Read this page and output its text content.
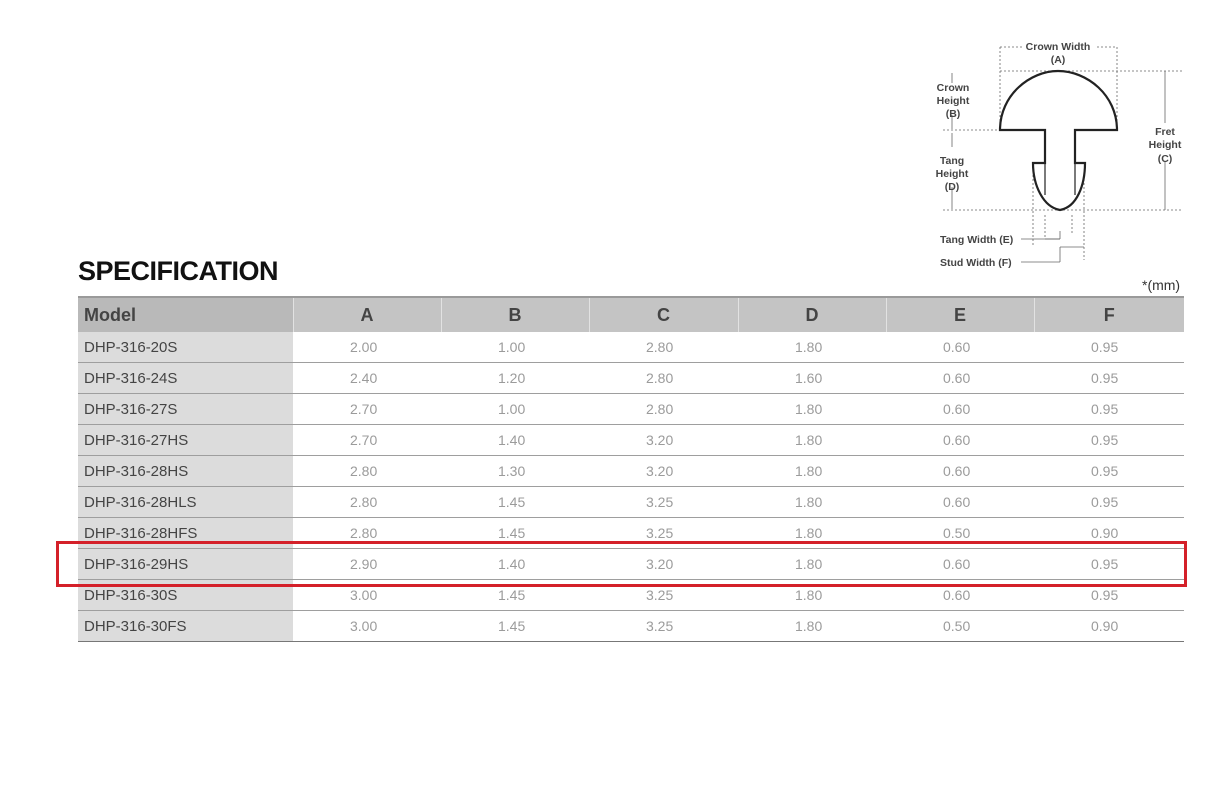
Crown Width
(A)
Crown
Height
(B)
Tang
Height
(D)
Fret
Height
(C)
Tang Width (E)
Stud Width (F)
SPECIFICATION	*(mm)
Model	A	B	C	D	E	F
DHP-316-20S	2.00	1.00	2.80	1.80	0.60	0.95
DHP-316-24S	2.40	1.20	2.80	1.60	0.60	0.95
DHP-316-27S	2.70	1.00	2.80	1.80	0.60	0.95
DHP-316-27HS	2.70	1.40	3.20	1.80	0.60	0.95
DHP-316-28HS	2.80	1.30	3.20	1.80	0.60	0.95
DHP-316-28HLS	2.80	1.45	3.25	1.80	0.60	0.95
DHP-316-28HFS	2.80	1.45	3.25	1.80	0.50	0.90
DHP-316-29HS	2.90	1.40	3.20	1.80	0.60	0.95
DHP-316-30S	3.00	1.45	3.25	1.80	0.60	0.95
DHP-316-30FS	3.00	1.45	3.25	1.80	0.50	0.90
